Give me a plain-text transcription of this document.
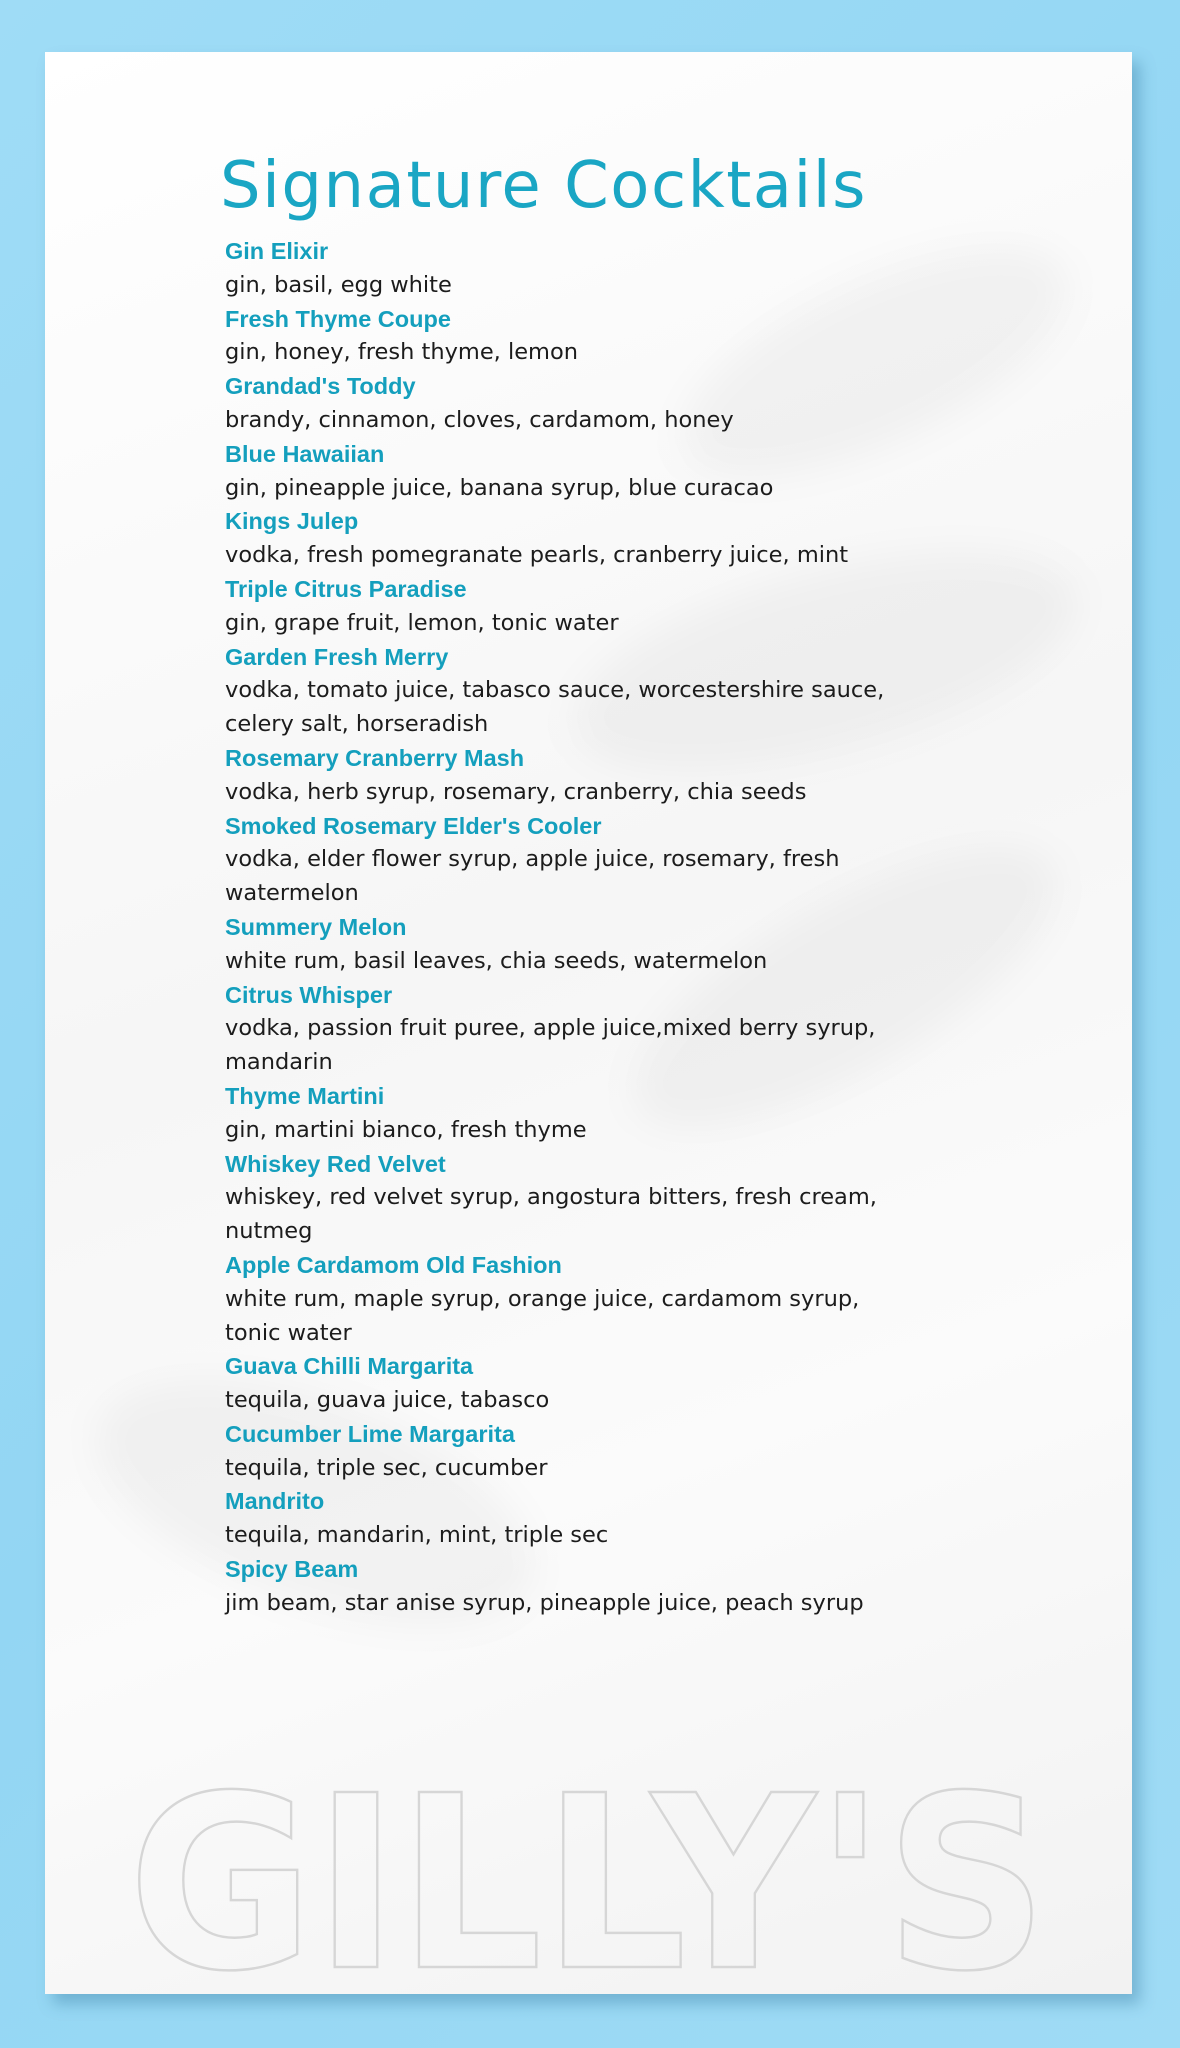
Signature Cocktails
Gin Elixir
gin, basil, egg white
Fresh Thyme Coupe
gin, honey, fresh thyme, lemon
Grandad's Toddy
brandy, cinnamon, cloves, cardamom, honey
Blue Hawaiian
gin, pineapple juice, banana syrup, blue curacao
Kings Julep
vodka, fresh pomegranate pearls, cranberry juice, mint
Triple Citrus Paradise
gin, grape fruit, lemon, tonic water
Garden Fresh Merry
vodka, tomato juice, tabasco sauce, worcestershire sauce, celery salt, horseradish
Rosemary Cranberry Mash
vodka, herb syrup, rosemary, cranberry, chia seeds
Smoked Rosemary Elder's Cooler
vodka, elder flower syrup, apple juice, rosemary, fresh watermelon
Summery Melon
white rum, basil leaves, chia seeds, watermelon
Citrus Whisper
vodka, passion fruit puree, apple juice,mixed berry syrup, mandarin
Thyme Martini
gin, martini bianco, fresh thyme
Whiskey Red Velvet
whiskey, red velvet syrup, angostura bitters, fresh cream, nutmeg
Apple Cardamom Old Fashion
white rum, maple syrup, orange juice, cardamom syrup, tonic water
Guava Chilli Margarita
tequila, guava juice, tabasco
Cucumber Lime Margarita
tequila, triple sec, cucumber
Mandrito
tequila, mandarin, mint, triple sec
Spicy Beam
jim beam, star anise syrup, pineapple juice, peach syrup
GILLY'S
